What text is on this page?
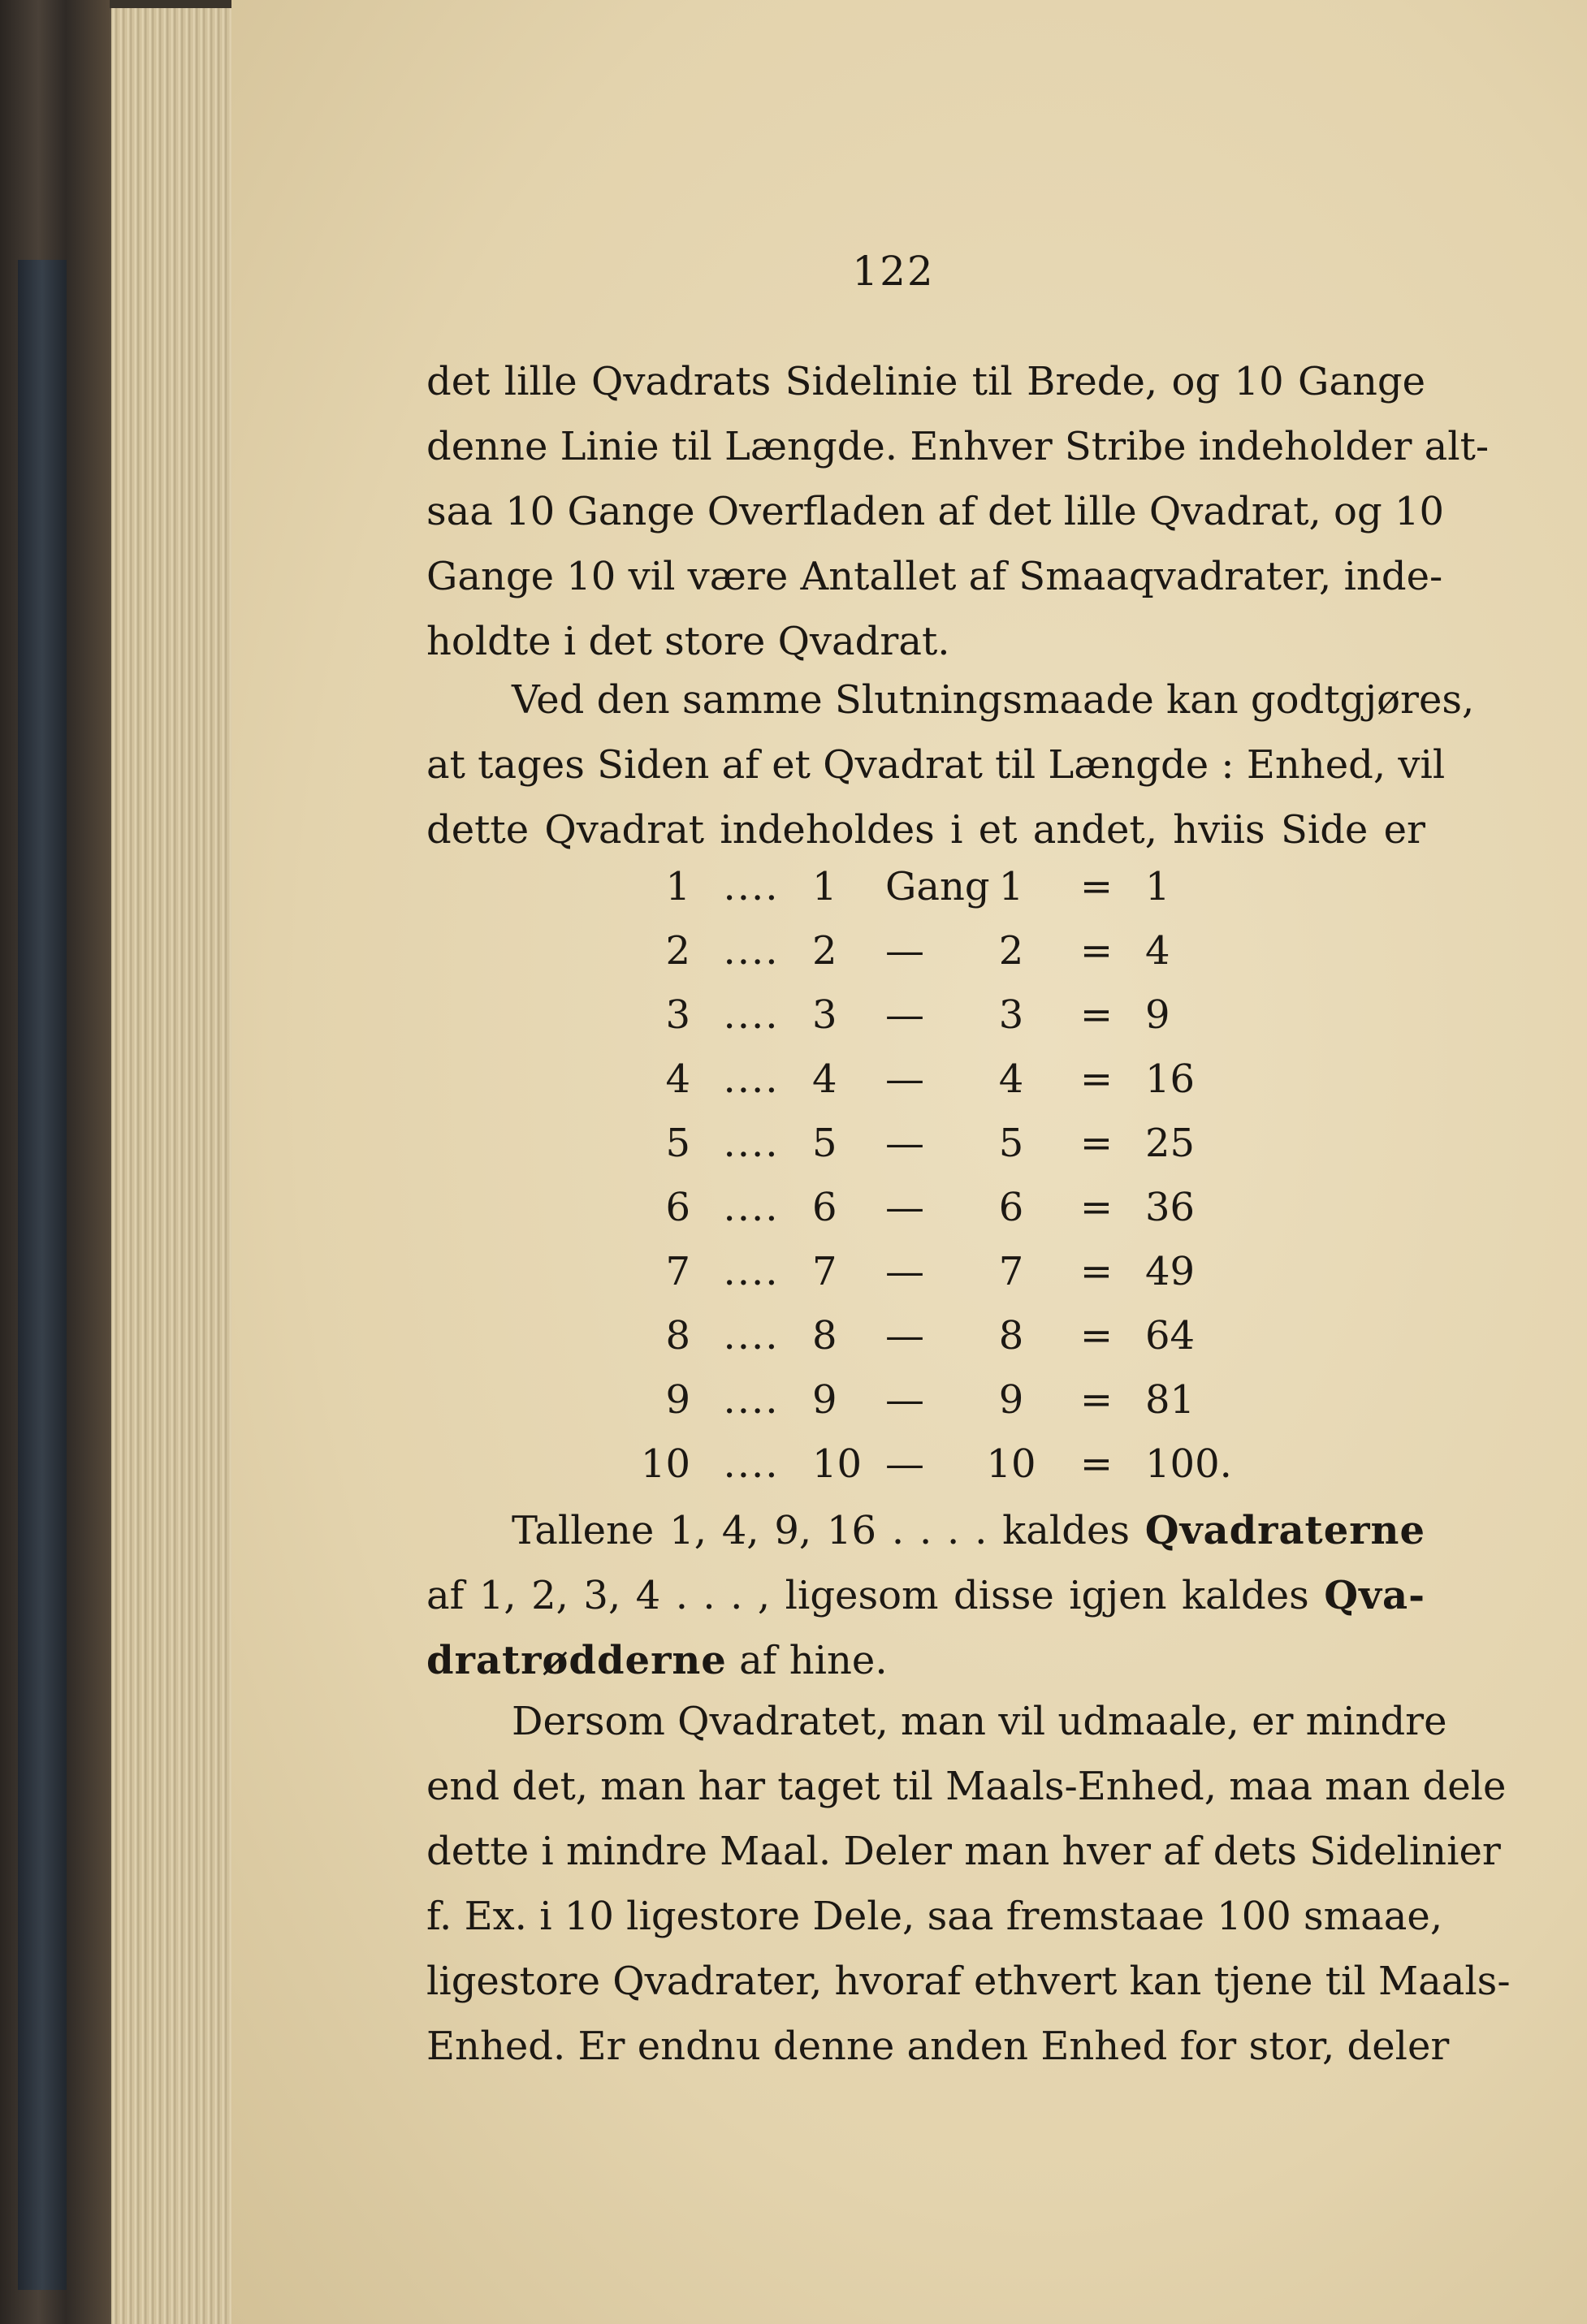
122
det lille Qvadrats Sidelinie til Brede, og 10 Gange
denne Linie til Længde. Enhver Stribe indeholder alt-
saa 10 Gange Overfladen af det lille Qvadrat, og 10
Gange 10 vil være Antallet af Smaaqvadrater, inde-
holdte i det store Qvadrat.
Ved den samme Slutningsmaade kan godtgjøres,
at tages Siden af et Qvadrat til Længde : Enhed, vil
dette Qvadrat indeholdes i et andet, hviis Side er
1 .... 1	Gang 1	= 1
2 .... 2	—	2	= 4
3 .... 3	—	3	= 9
4 .... 4	—	4	= 16
5 .... 5	—	5	= 25
6 .... 6	—	6	= 36
7 .... 7	—	7	= 49
8 .... 8	—	8	= 64
9 .... 9	—	9	= 81
10 .... 10 —	10	= 100.
Tallene 1, 4, 9, 16 . . . . kaldes Qvadraterne
af 1, 2, 3, 4 . . . , ligesom disse igjen kaldes Qva-
dratrødderne af hine.
Dersom Qvadratet, man vil udmaale, er mindre
end det, man har taget til Maals-Enhed, maa man dele
dette i mindre Maal. Deler man hver af dets Sidelinier
f. Ex. i 10 ligestore Dele, saa fremstaae 100 smaae,
ligestore Qvadrater, hvoraf ethvert kan tjene til Maals-
Enhed. Er endnu denne anden Enhed for stor, deler
